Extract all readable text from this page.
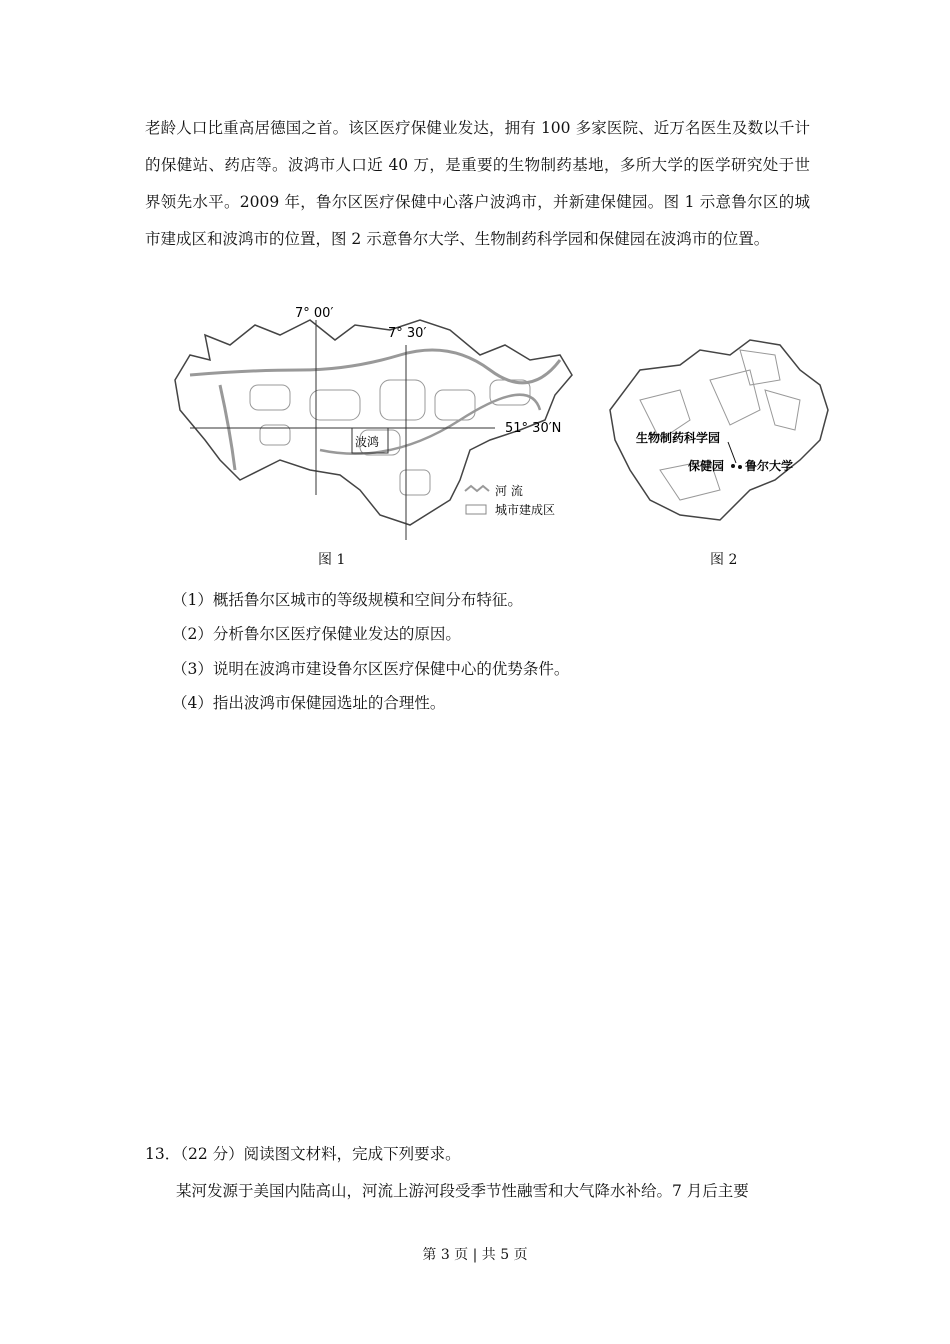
老龄人口比重高居德国之首。该区医疗保健业发达，拥有 100 多家医院、近万名医生及数以千计的保健站、药店等。波鸿市人口近 40 万，是重要的生物制药基地，多所大学的医学研究处于世界领先水平。2009 年，鲁尔区医疗保健中心落户波鸿市，并新建保健园。图 1 示意鲁尔区的城市建成区和波鸿市的位置，图 2 示意鲁尔大学、生物制药科学园和保健园在波鸿市的位置。
7° 00′
7° 30′
51° 30′N
波鸿
河 流
城市建成区
生物制药科学园
保健园 鲁尔大学
图 1	图 2
（1）概括鲁尔区城市的等级规模和空间分布特征。
（2）分析鲁尔区医疗保健业发达的原因。
（3）说明在波鸿市建设鲁尔区医疗保健中心的优势条件。
（4）指出波鸿市保健园选址的合理性。
13．（22 分）阅读图文材料，完成下列要求。
某河发源于美国内陆高山，河流上游河段受季节性融雪和大气降水补给。7 月后主要
第 3 页 | 共 5 页
